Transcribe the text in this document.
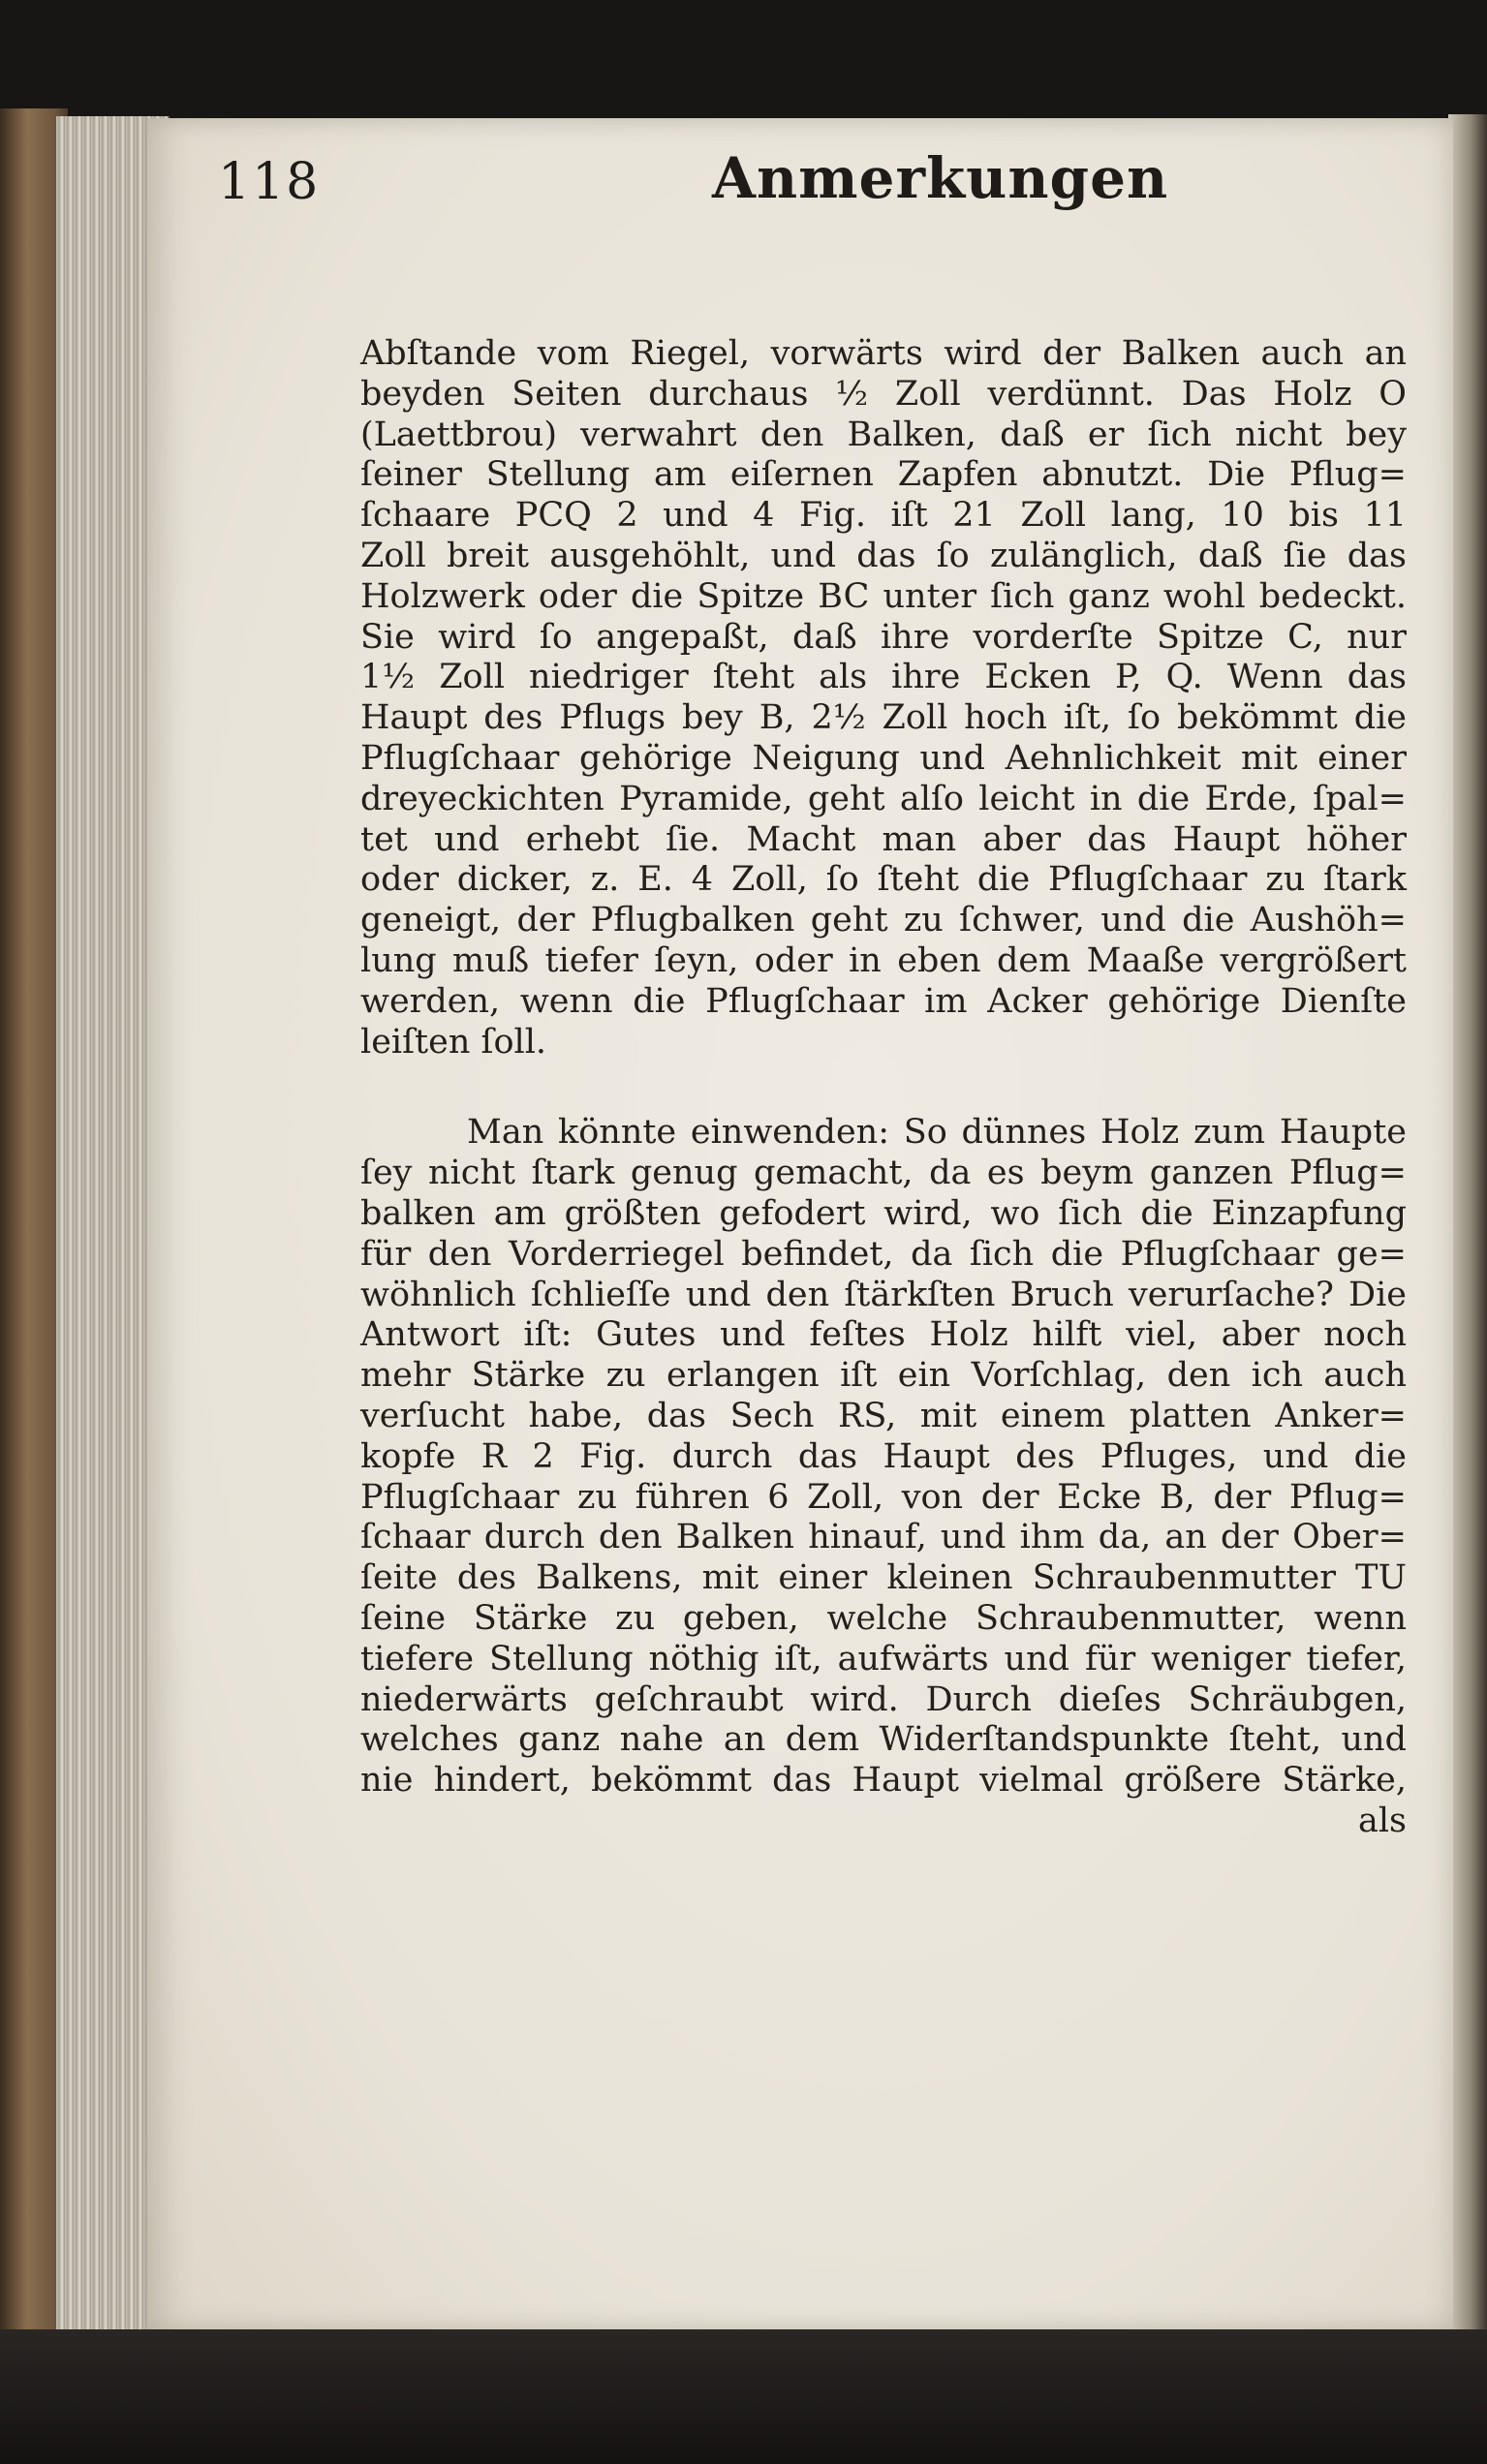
118	Anmerkungen
Abſtande vom Riegel, vorwärts wird der Balken auch an
beyden Seiten durchaus ½ Zoll verdünnt. Das Holz O
(Laettbrou) verwahrt den Balken, daß er ſich nicht bey
ſeiner Stellung am eiſernen Zapfen abnutzt. Die Pflug=
ſchaare PCQ 2 und 4 Fig. iſt 21 Zoll lang, 10 bis 11
Zoll breit ausgehöhlt, und das ſo zulänglich, daß ſie das
Holzwerk oder die Spitze BC unter ſich ganz wohl bedeckt.
Sie wird ſo angepaßt, daß ihre vorderſte Spitze C, nur
1½ Zoll niedriger ſteht als ihre Ecken P, Q. Wenn das
Haupt des Pflugs bey B, 2½ Zoll hoch iſt, ſo bekömmt die
Pflugſchaar gehörige Neigung und Aehnlichkeit mit einer
dreyeckichten Pyramide, geht alſo leicht in die Erde, ſpal=
tet und erhebt ſie. Macht man aber das Haupt höher
oder dicker, z. E. 4 Zoll, ſo ſteht die Pflugſchaar zu ſtark
geneigt, der Pflugbalken geht zu ſchwer, und die Aushöh=
lung muß tiefer ſeyn, oder in eben dem Maaße vergrößert
werden, wenn die Pflugſchaar im Acker gehörige Dienſte
leiſten ſoll.
Man könnte einwenden: So dünnes Holz zum Haupte
ſey nicht ſtark genug gemacht, da es beym ganzen Pflug=
balken am größten gefodert wird, wo ſich die Einzapfung
für den Vorderriegel befindet, da ſich die Pflugſchaar ge=
wöhnlich ſchlieſſe und den ſtärkſten Bruch verurſache? Die
Antwort iſt: Gutes und feſtes Holz hilft viel, aber noch
mehr Stärke zu erlangen iſt ein Vorſchlag, den ich auch
verſucht habe, das Sech RS, mit einem platten Anker=
kopfe R 2 Fig. durch das Haupt des Pfluges, und die
Pflugſchaar zu führen 6 Zoll, von der Ecke B, der Pflug=
ſchaar durch den Balken hinauf, und ihm da, an der Ober=
ſeite des Balkens, mit einer kleinen Schraubenmutter TU
ſeine Stärke zu geben, welche Schraubenmutter, wenn
tiefere Stellung nöthig iſt, aufwärts und für weniger tiefer,
niederwärts geſchraubt wird. Durch dieſes Schräubgen,
welches ganz nahe an dem Widerſtandspunkte ſteht, und
nie hindert, bekömmt das Haupt vielmal größere Stärke,
als
